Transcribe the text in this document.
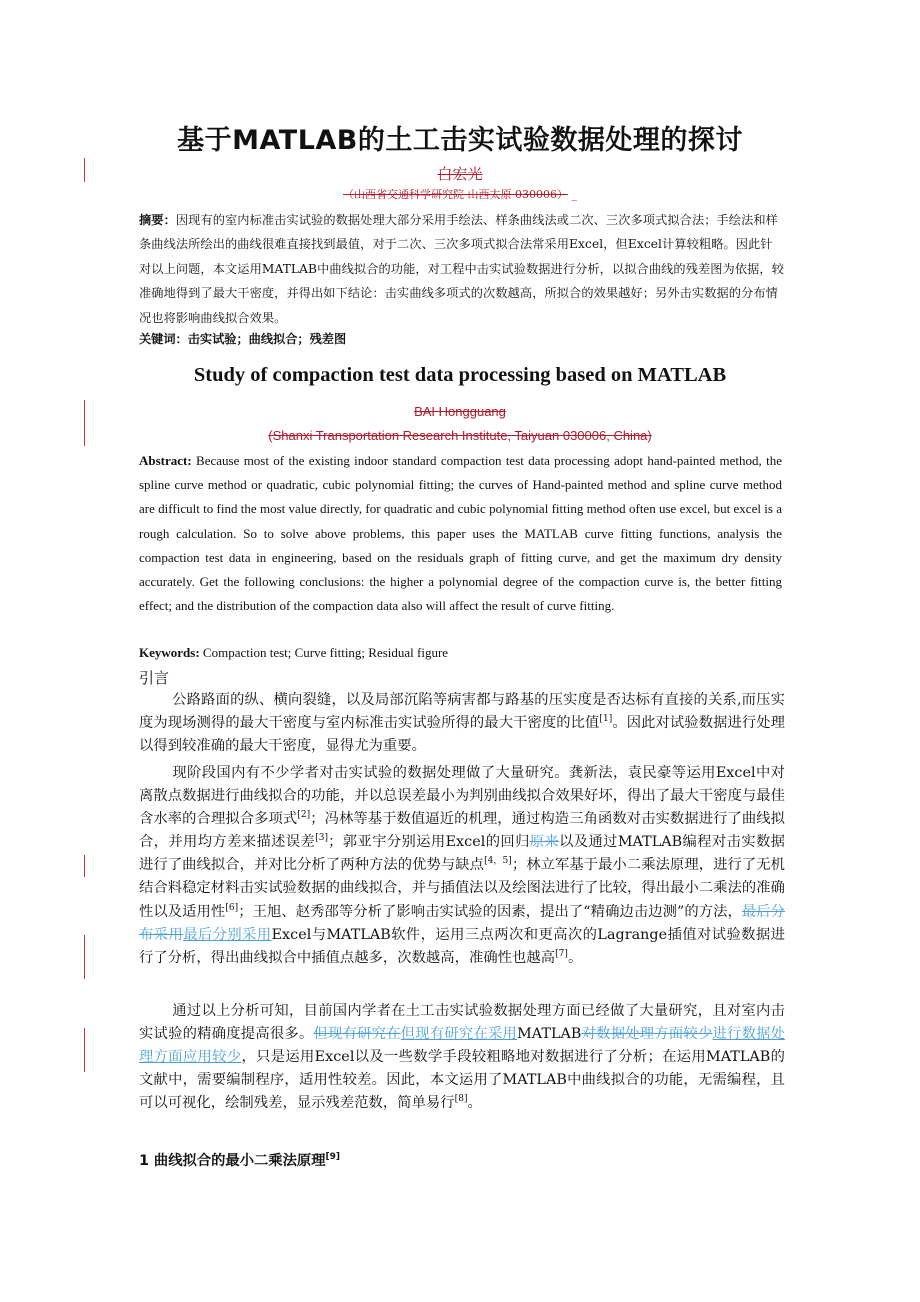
基于MATLAB的土工击实试验数据处理的探讨
白宏光
（山西省交通科学研究院 山西太原 030006） _
摘要：因现有的室内标准击实试验的数据处理大部分采用手绘法、样条曲线法或二次、三次多项式拟合法；手绘法和样条曲线法所绘出的曲线很难直接找到最值，对于二次、三次多项式拟合法常采用Excel，但Excel计算较粗略。因此针对以上问题，本文运用MATLAB中曲线拟合的功能，对工程中击实试验数据进行分析，以拟合曲线的残差图为依据，较准确地得到了最大干密度，并得出如下结论：击实曲线多项式的次数越高，所拟合的效果越好；另外击实数据的分布情况也将影响曲线拟合效果。
关键词：击实试验；曲线拟合；残差图
Study of compaction test data processing based on MATLAB
BAI Hongguang
(Shanxi Transportation Research Institute, Taiyuan 030006, China)
Abstract: Because most of the existing indoor standard compaction test data processing adopt hand-painted method, the spline curve method or quadratic, cubic polynomial fitting; the curves of Hand-painted method and spline curve method are difficult to find the most value directly, for quadratic and cubic polynomial fitting method often use excel, but excel is a rough calculation. So to solve above problems, this paper uses the MATLAB curve fitting functions, analysis the compaction test data in engineering, based on the residuals graph of fitting curve, and get the maximum dry density accurately. Get the following conclusions: the higher a polynomial degree of the compaction curve is, the better fitting effect; and the distribution of the compaction data also will affect the result of curve fitting.
Keywords: Compaction test; Curve fitting; Residual figure
引言
公路路面的纵、横向裂缝，以及局部沉陷等病害都与路基的压实度是否达标有直接的关系,而压实度为现场测得的最大干密度与室内标准击实试验所得的最大干密度的比值[1]。因此对试验数据进行处理以得到较准确的最大干密度，显得尤为重要。
现阶段国内有不少学者对击实试验的数据处理做了大量研究。龚新法，袁民豪等运用Excel中对离散点数据进行曲线拟合的功能，并以总误差最小为判别曲线拟合效果好坏，得出了最大干密度与最佳含水率的合理拟合多项式[2]；冯林等基于数值逼近的机理，通过构造三角函数对击实数据进行了曲线拟合，并用均方差来描述误差[3]；郭亚宇分别运用Excel的回归原来以及通过MATLAB编程对击实数据进行了曲线拟合，并对比分析了两种方法的优势与缺点[4，5]；林立军基于最小二乘法原理，进行了无机结合料稳定材料击实试验数据的曲线拟合，并与插值法以及绘图法进行了比较，得出最小二乘法的准确性以及适用性[6]；王旭、赵秀邵等分析了影响击实试验的因素，提出了“精确边击边测”的方法，最后分布采用最后分别采用Excel与MATLAB软件，运用三点两次和更高次的Lagrange插值对试验数据进行了分析，得出曲线拟合中插值点越多，次数越高，准确性也越高[7]。
通过以上分析可知，目前国内学者在土工击实试验数据处理方面已经做了大量研究，且对室内击实试验的精确度提高很多。但现有研究在但现有研究在采用MATLAB对数据处理方面较少进行数据处理方面应用较少，只是运用Excel以及一些数学手段较粗略地对数据进行了分析；在运用MATLAB的文献中，需要编制程序，适用性较差。因此，本文运用了MATLAB中曲线拟合的功能，无需编程，且可以可视化，绘制残差，显示残差范数，简单易行[8]。
1 曲线拟合的最小二乘法原理[9]
